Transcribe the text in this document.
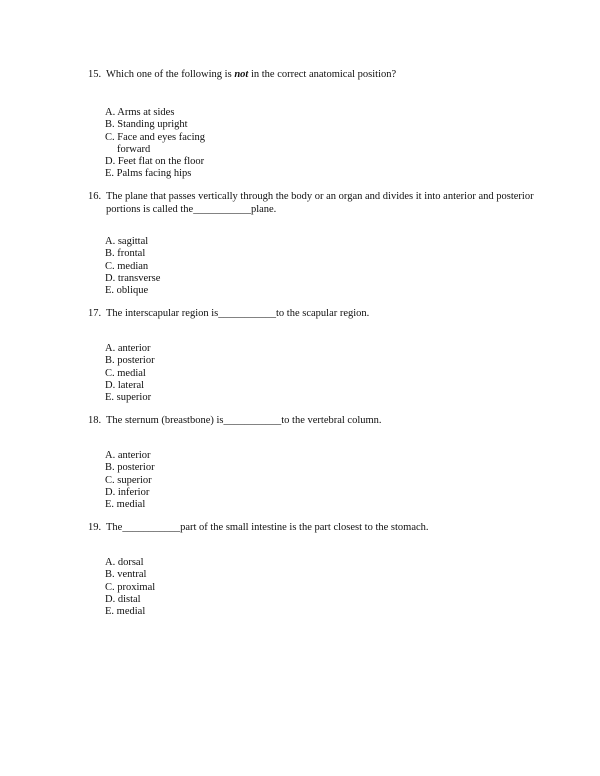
15. Which one of the following is not in the correct anatomical position?
A. Arms at sides
B. Standing upright
C. Face and eyes facing
forward
D. Feet flat on the floor
E. Palms facing hips
16. The plane that passes vertically through the body or an organ and divides it into anterior and posterior
portions is called the___________plane.
A. sagittal
B. frontal
C. median
D. transverse
E. oblique
17. The interscapular region is___________to the scapular region.
A. anterior
B. posterior
C. medial
D. lateral
E. superior
18. The sternum (breastbone) is___________to the vertebral column.
A. anterior
B. posterior
C. superior
D. inferior
E. medial
19. The___________part of the small intestine is the part closest to the stomach.
A. dorsal
B. ventral
C. proximal
D. distal
E. medial
